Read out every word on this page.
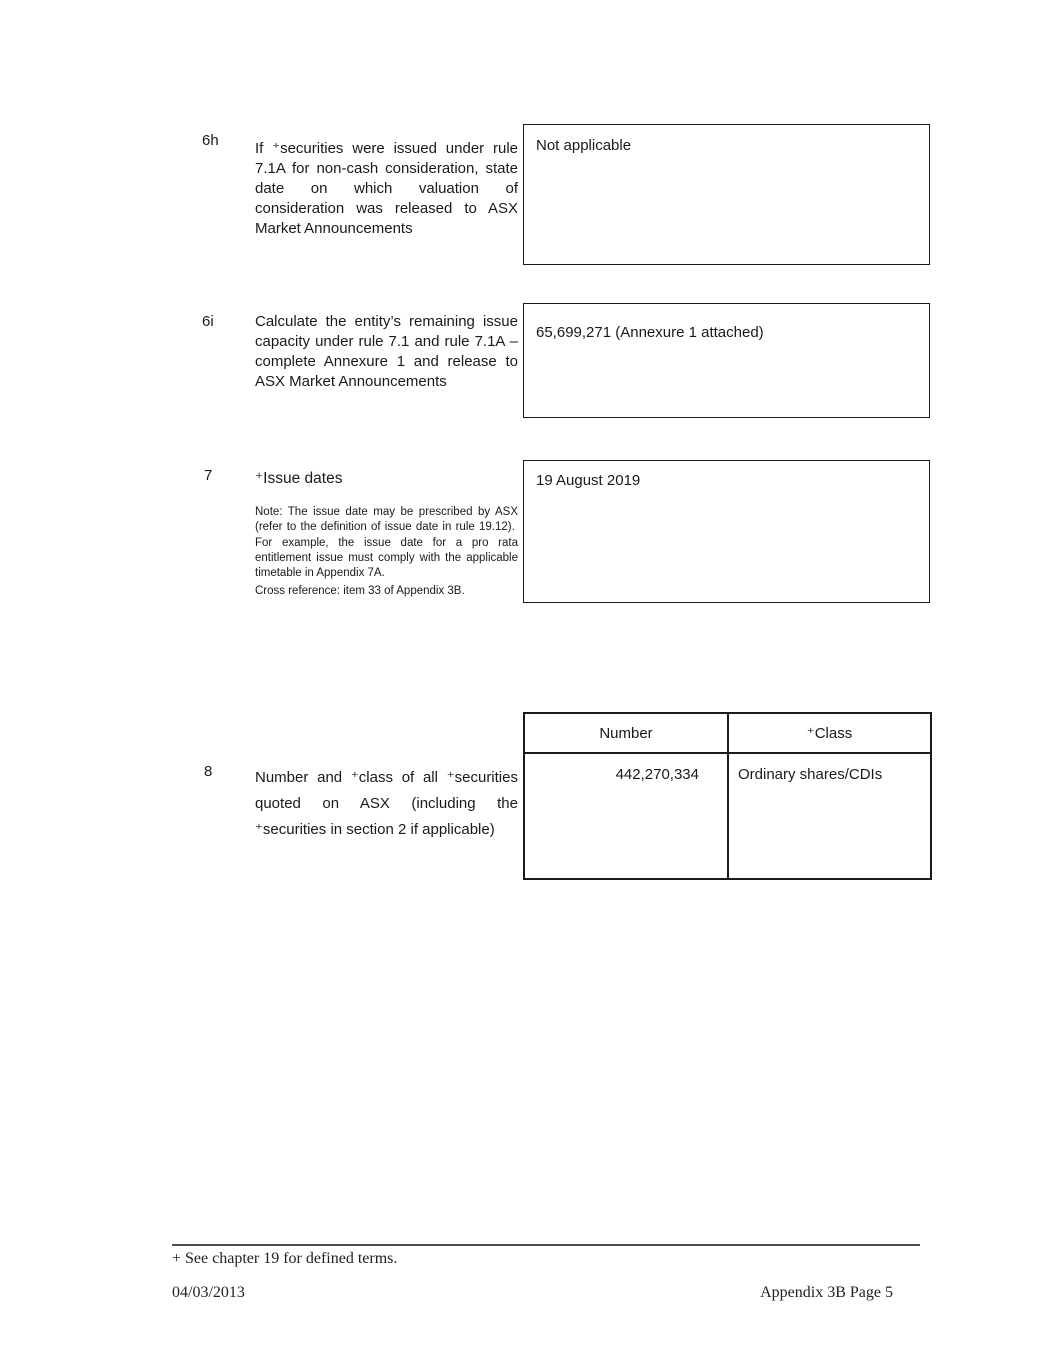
6h If ⁺securities were issued under rule 7.1A for non-cash consideration, state date on which valuation of consideration was released to ASX Market Announcements
Not applicable
6i	Calculate the entity’s remaining issue capacity under rule 7.1 and rule 7.1A – complete Annexure 1 and release to ASX Market Announcements
65,699,271 (Annexure 1 attached)
7	⁺Issue dates
Note: The issue date may be prescribed by ASX (refer to the definition of issue date in rule 19.12).  For example, the issue date for a pro rata entitlement issue must comply with the applicable timetable in Appendix 7A.
Cross reference: item 33 of Appendix 3B.
19 August 2019
8	Number and ⁺class of all ⁺securities quoted on ASX (including the ⁺securities in section 2 if applicable)
Number	⁺Class
442,270,334	Ordinary shares/CDIs
+ See chapter 19 for defined terms.
04/03/2013	Appendix 3B Page 5
